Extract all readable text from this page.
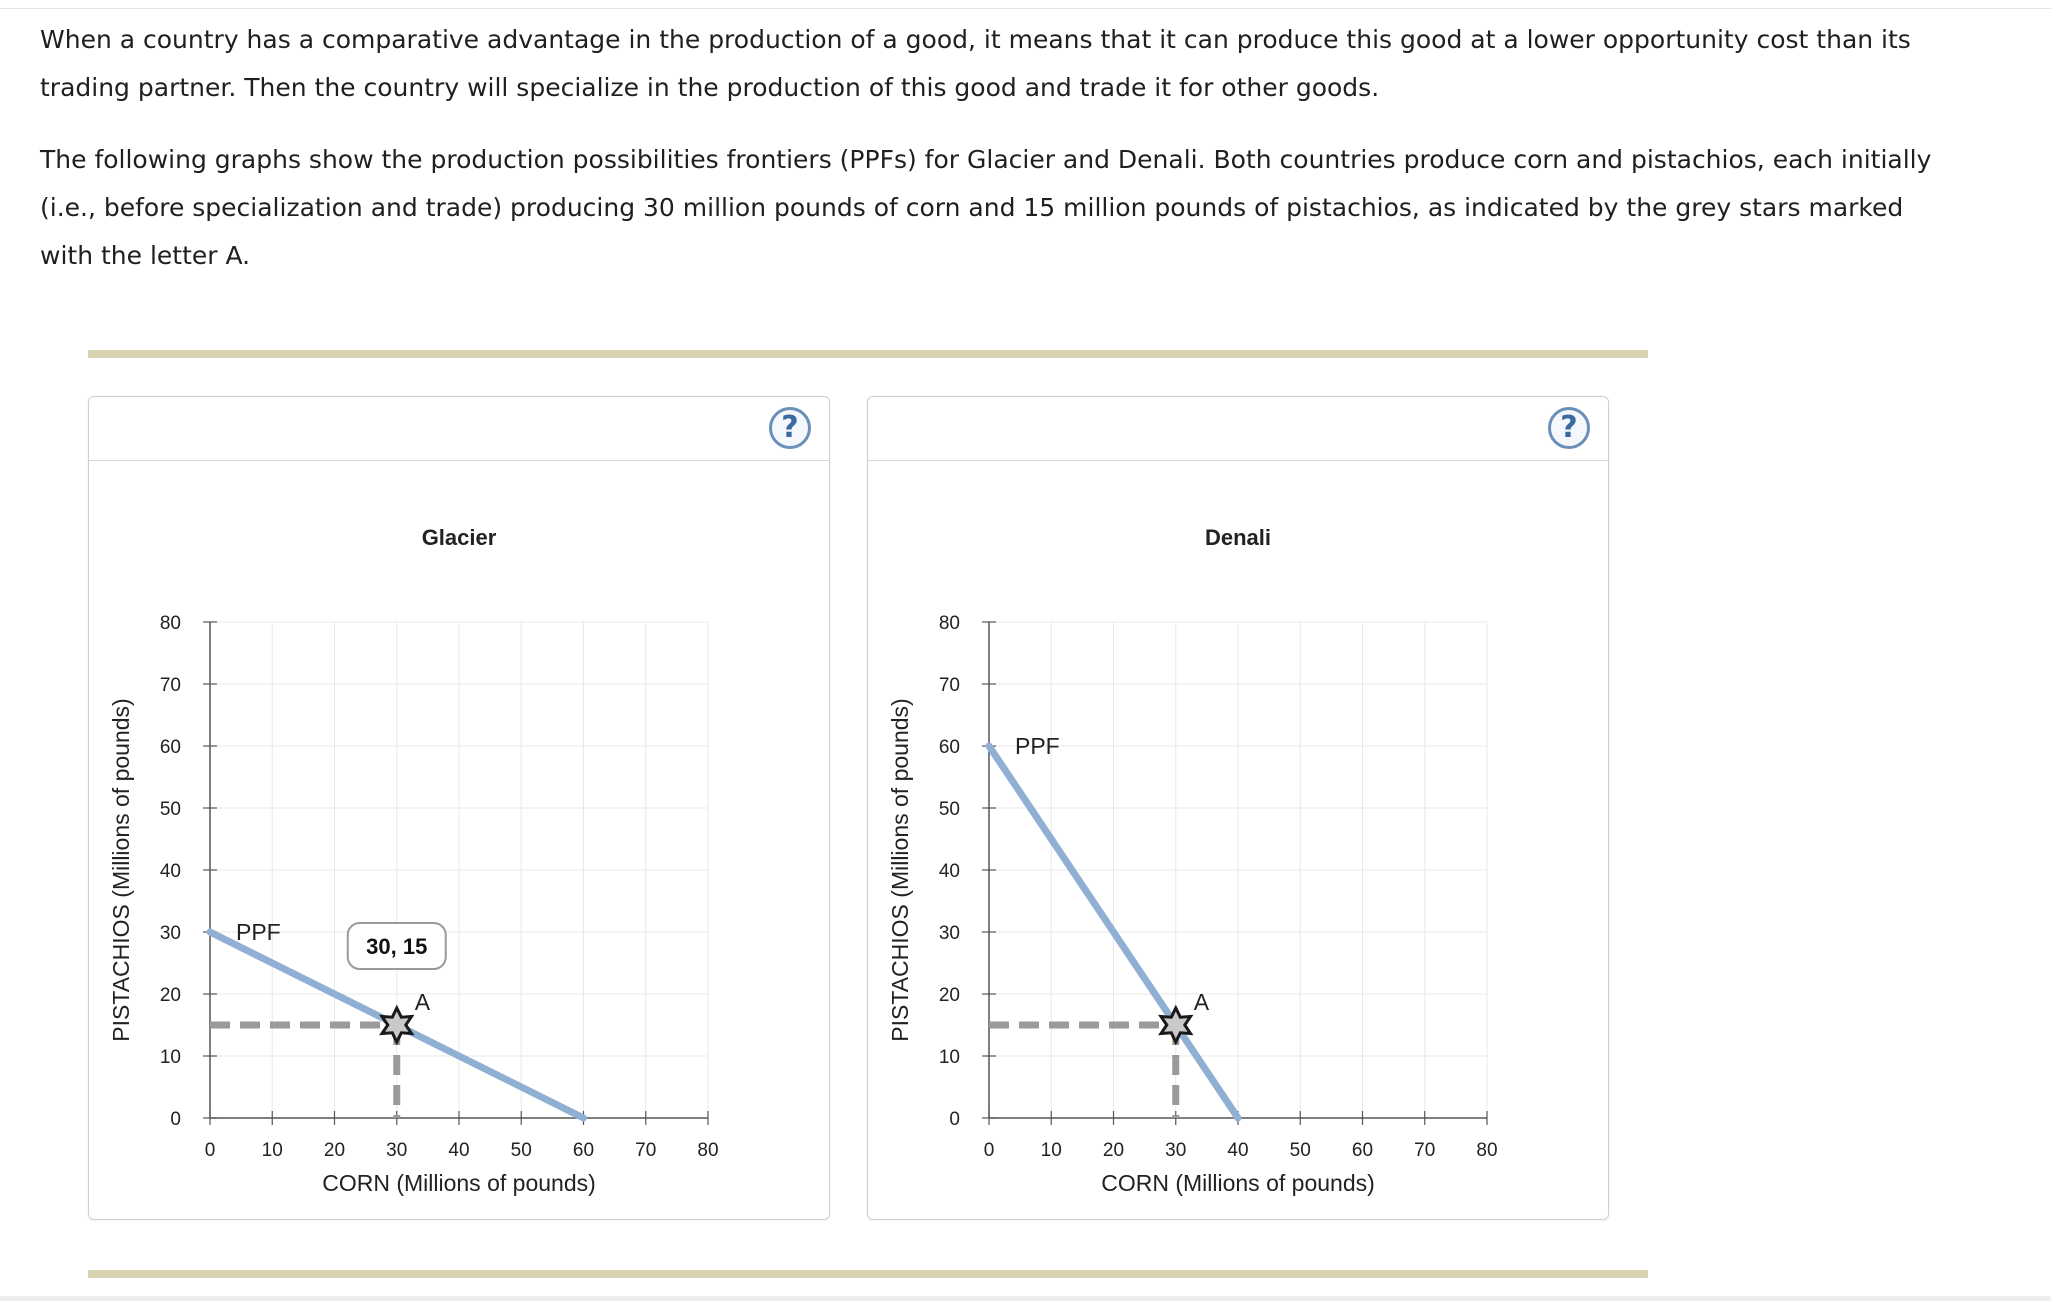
When a country has a comparative advantage in the production of a good, it means that it can produce this good at a lower opportunity cost than its trading partner. Then the country will specialize in the production of this good and trade it for other goods.

The following graphs show the production possibilities frontiers (PPFs) for Glacier and Denali. Both countries produce corn and pistachios, each initially (i.e., before specialization and trade) producing 30 million pounds of corn and 15 million pounds of pistachios, as indicated by the grey stars marked with the letter A.

?
Glacier
0 10 20 30 40 50 60 70 80
0
10
20
30
40
50
60
70
80
CORN (Millions of pounds)
PISTACHIOS (Millions of pounds)	PPF
A
30, 15
?
Denali
0 10 20 30 40 50 60 70 80
0
10
20
30
40
50
60
70
80
CORN (Millions of pounds)
PISTACHIOS (Millions of pounds)	PPF
A
